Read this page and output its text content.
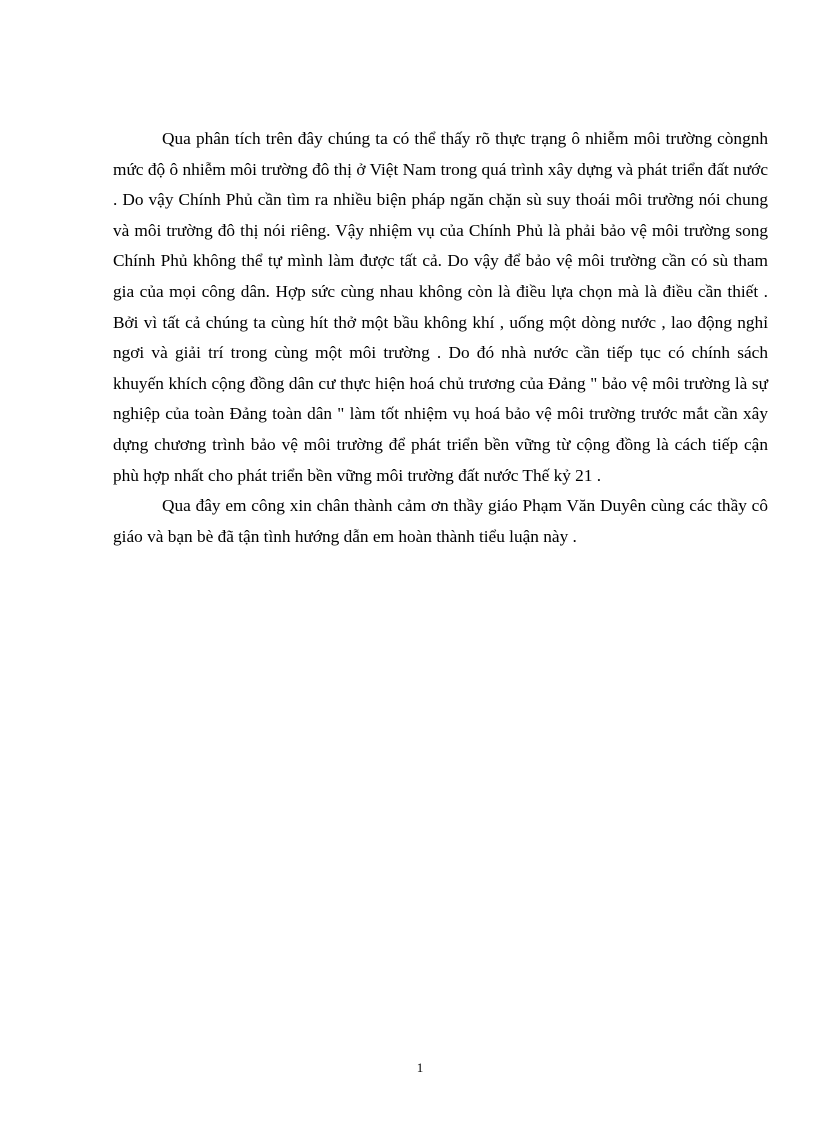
Qua phân tích trên đây chúng ta có thể thấy rõ thực trạng ô nhiễm môi trường còngnh mức độ ô nhiễm môi trường đô thị ở Việt Nam trong quá trình xây dựng và phát triển đất nước . Do vậy Chính Phủ cần tìm ra nhiều biện pháp ngăn chặn sù suy thoái môi trường nói chung và môi trường đô thị nói riêng. Vậy nhiệm vụ của Chính Phủ là phải bảo vệ môi trường song Chính Phủ không thể tự mình làm được tất cả. Do vậy để bảo vệ môi trường cần có sù tham gia của mọi công dân. Hợp sức cùng nhau không còn là điều lựa chọn mà là điều cần thiết . Bởi vì tất cả chúng ta cùng hít thở một bầu không khí , uống một dòng nước , lao động nghỉ ngơi và giải trí trong cùng một môi trường . Do đó nhà nước cần tiếp tục có chính sách khuyến khích cộng đồng dân cư thực hiện hoá chủ trương của Đảng " bảo vệ môi trường là sự nghiệp của toàn Đảng toàn dân " làm tốt nhiệm vụ hoá bảo vệ môi trường trước mắt cần xây dựng chương trình bảo vệ môi trường để phát triển bền vững từ cộng đồng là cách tiếp cận phù hợp nhất cho phát triển bền vững môi trường đất nước Thế kỷ 21 .

Qua đây em công xin chân thành cảm ơn thầy giáo Phạm Văn Duyên cùng các thầy cô giáo và bạn bè đã tận tình hướng dẫn em hoàn thành tiểu luận này .

1
